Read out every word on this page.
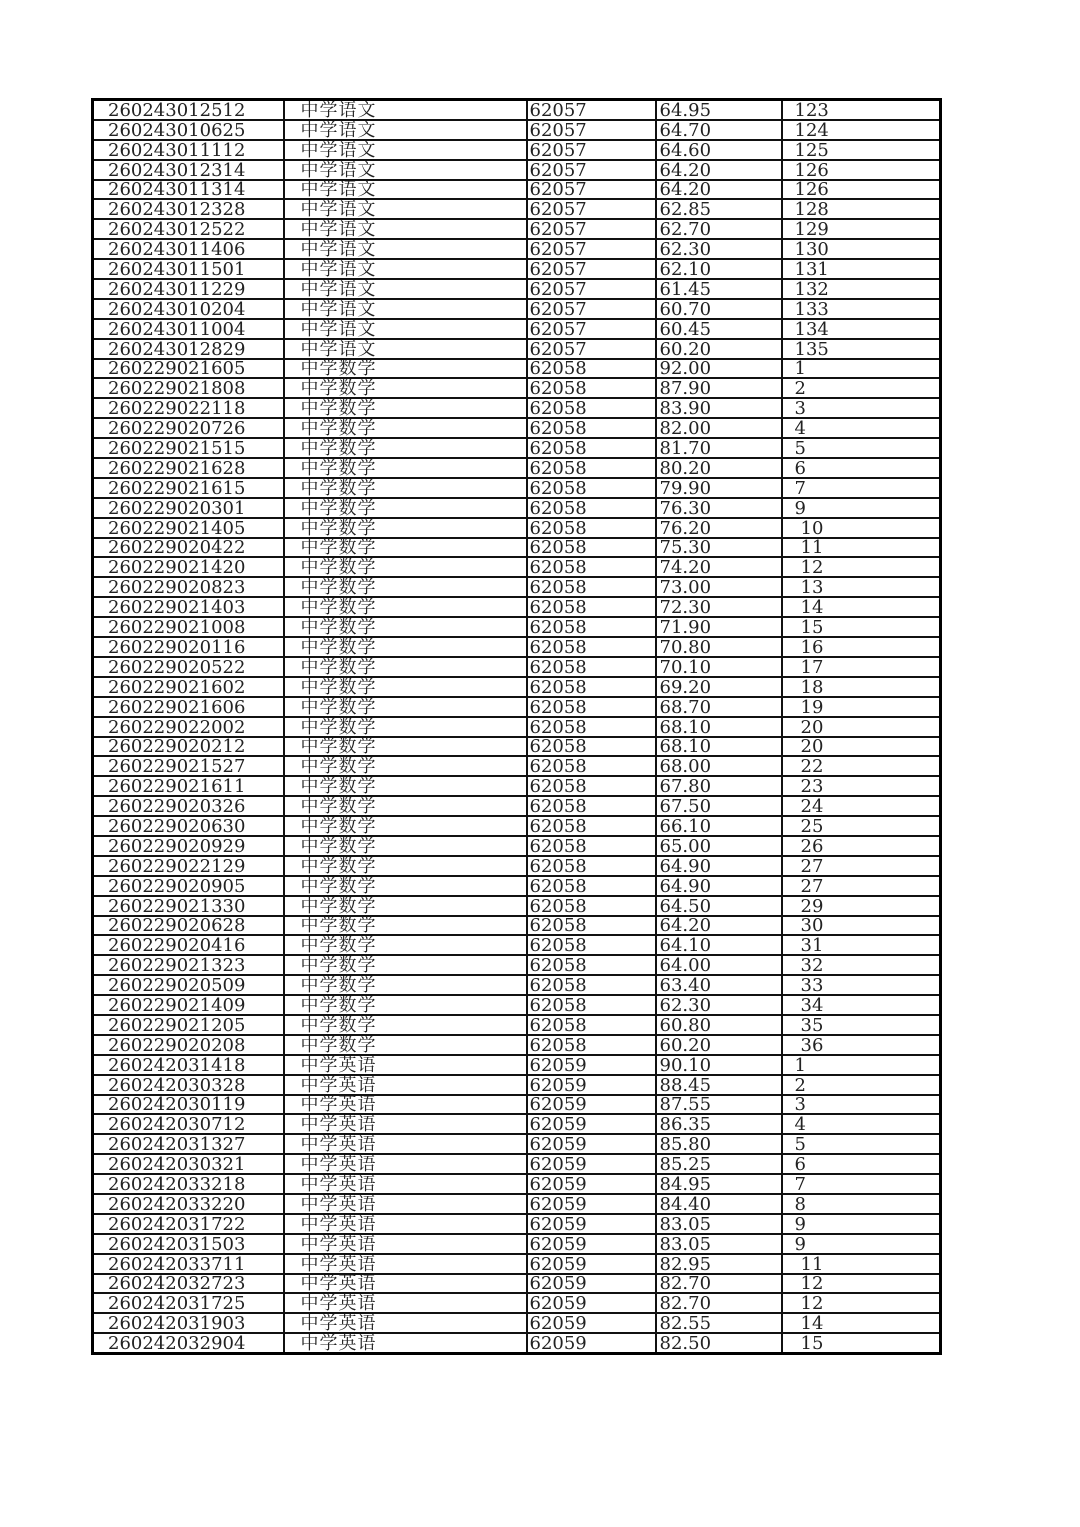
260243012512	中学语文	62057	64.95	123
260243010625	中学语文	62057	64.70	124
260243011112	中学语文	62057	64.60	125
260243012314	中学语文	62057	64.20	126
260243011314	中学语文	62057	64.20	126
260243012328	中学语文	62057	62.85	128
260243012522	中学语文	62057	62.70	129
260243011406	中学语文	62057	62.30	130
260243011501	中学语文	62057	62.10	131
260243011229	中学语文	62057	61.45	132
260243010204	中学语文	62057	60.70	133
260243011004	中学语文	62057	60.45	134
260243012829	中学语文	62057	60.20	135
260229021605	中学数学	62058	92.00	1
260229021808	中学数学	62058	87.90	2
260229022118	中学数学	62058	83.90	3
260229020726	中学数学	62058	82.00	4
260229021515	中学数学	62058	81.70	5
260229021628	中学数学	62058	80.20	6
260229021615	中学数学	62058	79.90	7
260229020301	中学数学	62058	76.30	9
260229021405	中学数学	62058	76.20	10
260229020422	中学数学	62058	75.30	11
260229021420	中学数学	62058	74.20	12
260229020823	中学数学	62058	73.00	13
260229021403	中学数学	62058	72.30	14
260229021008	中学数学	62058	71.90	15
260229020116	中学数学	62058	70.80	16
260229020522	中学数学	62058	70.10	17
260229021602	中学数学	62058	69.20	18
260229021606	中学数学	62058	68.70	19
260229022002	中学数学	62058	68.10	20
260229020212	中学数学	62058	68.10	20
260229021527	中学数学	62058	68.00	22
260229021611	中学数学	62058	67.80	23
260229020326	中学数学	62058	67.50	24
260229020630	中学数学	62058	66.10	25
260229020929	中学数学	62058	65.00	26
260229022129	中学数学	62058	64.90	27
260229020905	中学数学	62058	64.90	27
260229021330	中学数学	62058	64.50	29
260229020628	中学数学	62058	64.20	30
260229020416	中学数学	62058	64.10	31
260229021323	中学数学	62058	64.00	32
260229020509	中学数学	62058	63.40	33
260229021409	中学数学	62058	62.30	34
260229021205	中学数学	62058	60.80	35
260229020208	中学数学	62058	60.20	36
260242031418	中学英语	62059	90.10	1
260242030328	中学英语	62059	88.45	2
260242030119	中学英语	62059	87.55	3
260242030712	中学英语	62059	86.35	4
260242031327	中学英语	62059	85.80	5
260242030321	中学英语	62059	85.25	6
260242033218	中学英语	62059	84.95	7
260242033220	中学英语	62059	84.40	8
260242031722	中学英语	62059	83.05	9
260242031503	中学英语	62059	83.05	9
260242033711	中学英语	62059	82.95	11
260242032723	中学英语	62059	82.70	12
260242031725	中学英语	62059	82.70	12
260242031903	中学英语	62059	82.55	14
260242032904	中学英语	62059	82.50	15
